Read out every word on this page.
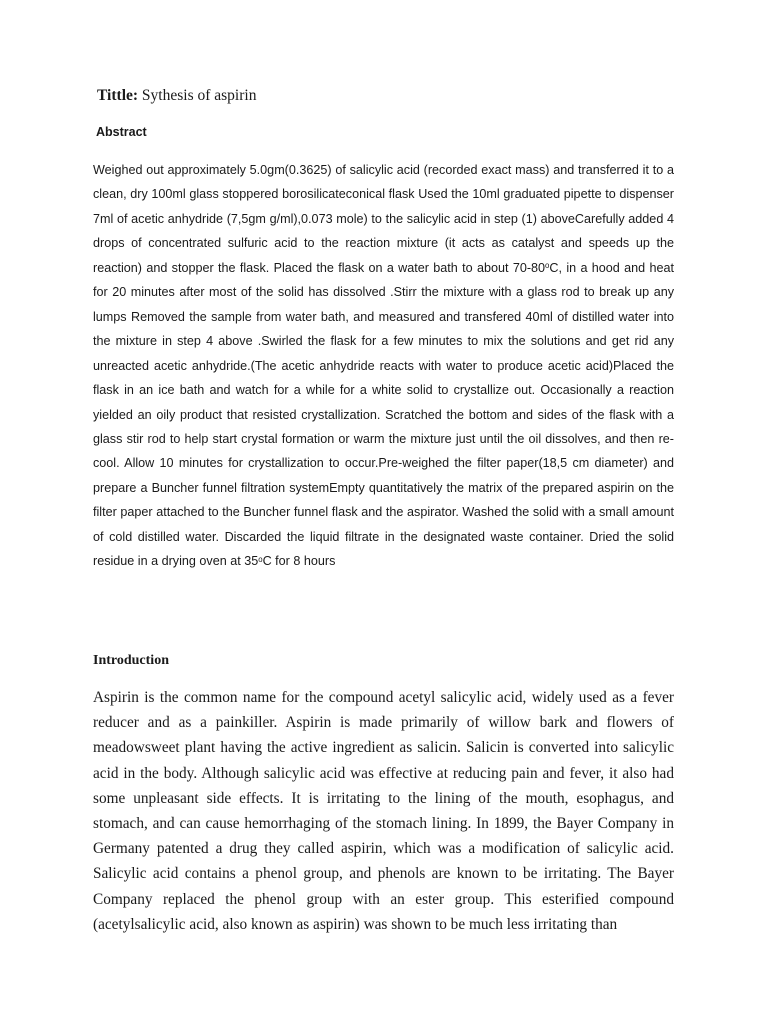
Tittle: Sythesis of aspirin
Abstract

Weighed out approximately 5.0gm(0.3625) of salicylic acid (recorded exact mass) and transferred it to a clean, dry 100ml glass stoppered borosilicateconical flask Used the 10ml graduated pipette to dispenser 7ml of acetic anhydride (7,5gm g/ml),0.073 mole) to the salicylic acid in step (1) aboveCarefully added 4 drops of concentrated sulfuric acid to the reaction mixture (it acts as catalyst and speeds up the reaction) and stopper the flask. Placed the flask on a water bath to about 70-80$^o$C, in a hood and heat for 20 minutes after most of the solid has dissolved .Stirr the mixture with a glass rod to break up any lumps Removed the sample from water bath, and measured and transfered 40ml of distilled water into the mixture in step 4 above .Swirled the flask for a few minutes to mix the solutions and get rid any unreacted acetic anhydride.(The acetic anhydride reacts with water to produce acetic acid)Placed the flask in an ice bath and watch for a while for a white solid to crystallize out. Occasionally a reaction yielded an oily product that resisted crystallization. Scratched the bottom and sides of the flask with a glass stir rod to help start crystal formation or warm the mixture just until the oil dissolves, and then re-cool. Allow 10 minutes for crystallization to occur.Pre-weighed the filter paper(18,5 cm diameter) and prepare a Buncher funnel filtration systemEmpty quantitatively the matrix of the prepared aspirin on the filter paper attached to the Buncher funnel flask and the aspirator. Washed the solid with a small amount of cold distilled water. Discarded the liquid filtrate in the designated waste container. Dried the solid residue in a drying oven at 35$^o$C for 8 hours

Introduction

Aspirin is the common name for the compound acetyl salicylic acid, widely used as a fever reducer and as a painkiller. Aspirin is made primarily of willow bark and flowers of meadowsweet plant having the active ingredient as salicin. Salicin is converted into salicylic acid in the body. Although salicylic acid was effective at reducing pain and fever, it also had some unpleasant side effects. It is irritating to the lining of the mouth, esophagus, and stomach, and can cause hemorrhaging of the stomach lining. In 1899, the Bayer Company in Germany patented a drug they called aspirin, which was a modification of salicylic acid. Salicylic acid contains a phenol group, and phenols are known to be irritating. The Bayer Company replaced the phenol group with an ester group. This esterified compound (acetylsalicylic acid, also known as aspirin) was shown to be much less irritating than
